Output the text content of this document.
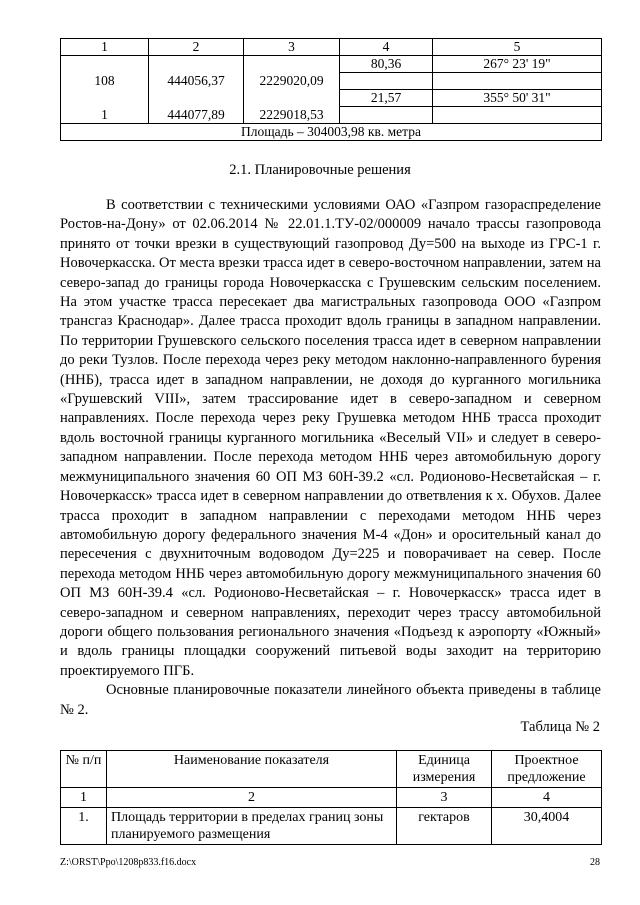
1	2	3	4	5
			80,36	267° 23' 19"
108	444056,37	2229020,09		
			21,57	355° 50' 31"
1	444077,89	2229018,53		
Площадь – 304003,98 кв. метра				
2.1. Планировочные решения

В соответствии с техническими условиями ОАО «Газпром газораспределение Ростов-на-Дону» от 02.06.2014 № 22.01.1.ТУ-02/000009 начало трассы газопровода принято от точки врезки в существующий газопровод Ду=500 на выходе из ГРС-1 г. Новочеркасска. От места врезки трасса идет в северо-восточном направлении, затем на северо-запад до границы города Новочеркасска с Грушевским сельским поселением. На этом участке трасса пересекает два магистральных газопровода ООО «Газпром трансгаз Краснодар». Далее трасса проходит вдоль границы в западном направлении. По территории Грушевского сельского поселения трасса идет в северном направлении до реки Тузлов. После перехода через реку методом наклонно-направленного бурения (ННБ), трасса идет в западном направлении, не доходя до курганного могильника «Грушевский VIII», затем трассирование идет в северо-западном и северном направлениях. После перехода через реку Грушевка методом ННБ трасса проходит вдоль восточной границы курганного могильника «Веселый VII» и следует в северо-западном направлении. После перехода методом ННБ через автомобильную дорогу межмуниципального значения 60 ОП МЗ 60Н-39.2 «сл. Родионово-Несветайская – г. Новочеркасск» трасса идет в северном направлении до ответвления к х. Обухов. Далее трасса проходит в западном направлении с переходами методом ННБ через автомобильную дорогу федерального значения М-4 «Дон» и оросительный канал до пересечения с двухниточным водоводом Ду=225 и поворачивает на север. После перехода методом ННБ через автомобильную дорогу межмуниципального значения 60 ОП МЗ 60Н-39.4 «сл. Родионово-Несветайская – г. Новочеркасск» трасса идет в северо-западном и северном направлениях, переходит через трассу автомобильной дороги общего пользования регионального значения «Подъезд к аэропорту «Южный» и вдоль границы площадки сооружений питьевой воды заходит на территорию проектируемого ПГБ.

Основные планировочные показатели линейного объекта приведены в таблице № 2.

Таблица № 2
№ п/п	Наименование показателя	Единица измерения	Проектное предложение
1	2	3	4
1.	Площадь территории в пределах границ зоны планируемого размещения	гектаров	30,4004
Z:\ORST\Ppo\1208p833.f16.docx	28
